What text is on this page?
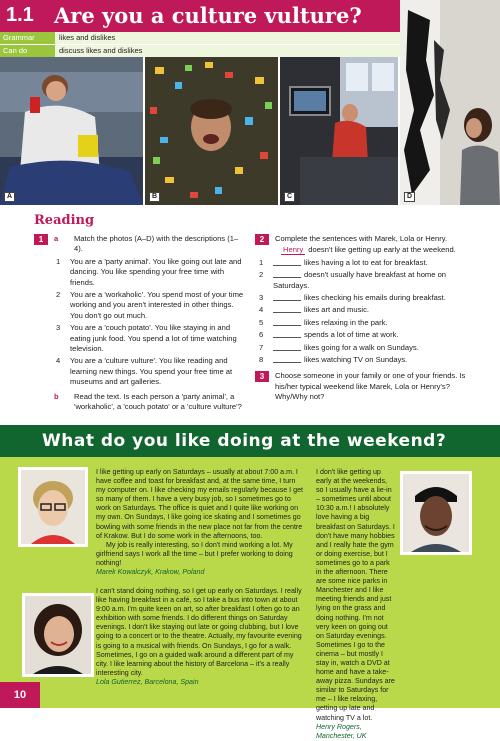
1.1 Are you a culture vulture?
Grammar	likes and dislikes
Can do	discuss likes and dislikes
D
A	B	C
Reading
1	a Match the photos (A–D) with the descriptions (1–4).
1 You are a 'party animal'. You like going out late and dancing. You like spending your free time with friends.
2 You are a 'workaholic'. You spend most of your time working and you aren't interested in other things. You don't go out much.
3 You are a 'couch potato'. You like staying in and eating junk food. You spend a lot of time watching television.
4 You are a 'culture vulture'. You like reading and learning new things. You spend your free time at museums and art galleries.
b Read the text. Is each person a 'party animal', a 'workaholic', a 'couch potato' or a 'culture vulture'?
2	Complete the sentences with Marek, Lola or Henry.
Henry doesn't like getting up early at the weekend.
1	likes having a lot to eat for breakfast.
2	doesn't usually have breakfast at home on Saturdays.
3	likes checking his emails during breakfast.
4	likes art and music.
5	likes relaxing in the park.
6	spends a lot of time at work.
7	likes going for a walk on Sundays.
8	likes watching TV on Sundays.
3	Choose someone in your family or one of your friends. Is his/her typical weekend like Marek, Lola or Henry's? Why/Why not?
What do you like doing at the weekend?
I like getting up early on Saturdays – usually at about 7:00 a.m. I have coffee and toast for breakfast and, at the same time, I turn my computer on. I like checking my emails regularly because I get so many of them. I have a very busy job, so I sometimes go to work on Saturdays. The office is quiet and I quite like working on my own. On Sundays, I like going ice skating and I sometimes go bowling with some friends in the new place not far from the centre of Krakow. But I do some work in the afternoons, too.
My job is really interesting, so I don't mind working a lot. My girlfriend says I work all the time – but I prefer working to doing nothing!
Marek Kowalczyk, Krakow, Poland
I can't stand doing nothing, so I get up early on Saturdays. I really like having breakfast in a café, so I take a bus into town at about 9:00 a.m. I'm quite keen on art, so after breakfast I often go to an exhibition with some friends. I do different things on Saturday evenings. I don't like staying out late or going clubbing, but I love going to a concert or to the theatre. Actually, my favourite evening is going to a musical with friends. On Sundays, I go for a walk. Sometimes, I go on a guided walk around a different part of my city. I like learning about the history of Barcelona – it's a really interesting city.
Lola Gutierrez, Barcelona, Spain
I don't like getting up early at the weekends, so I usually have a lie-in – sometimes until about 10:30 a.m.! I absolutely love having a big breakfast on Saturdays. I don't have many hobbies and I really hate the gym or doing exercise, but I sometimes go to a park in the afternoon. There are some nice parks in Manchester and I like meeting friends and just lying on the grass and doing nothing. I'm not very keen on going out on Saturday evenings. Sometimes I go to the cinema – but mostly I stay in, watch a DVD at home and have a take-away pizza. Sundays are similar to Saturdays for me – I like relaxing, getting up late and watching TV a lot.
Henry Rogers, Manchester, UK
10
